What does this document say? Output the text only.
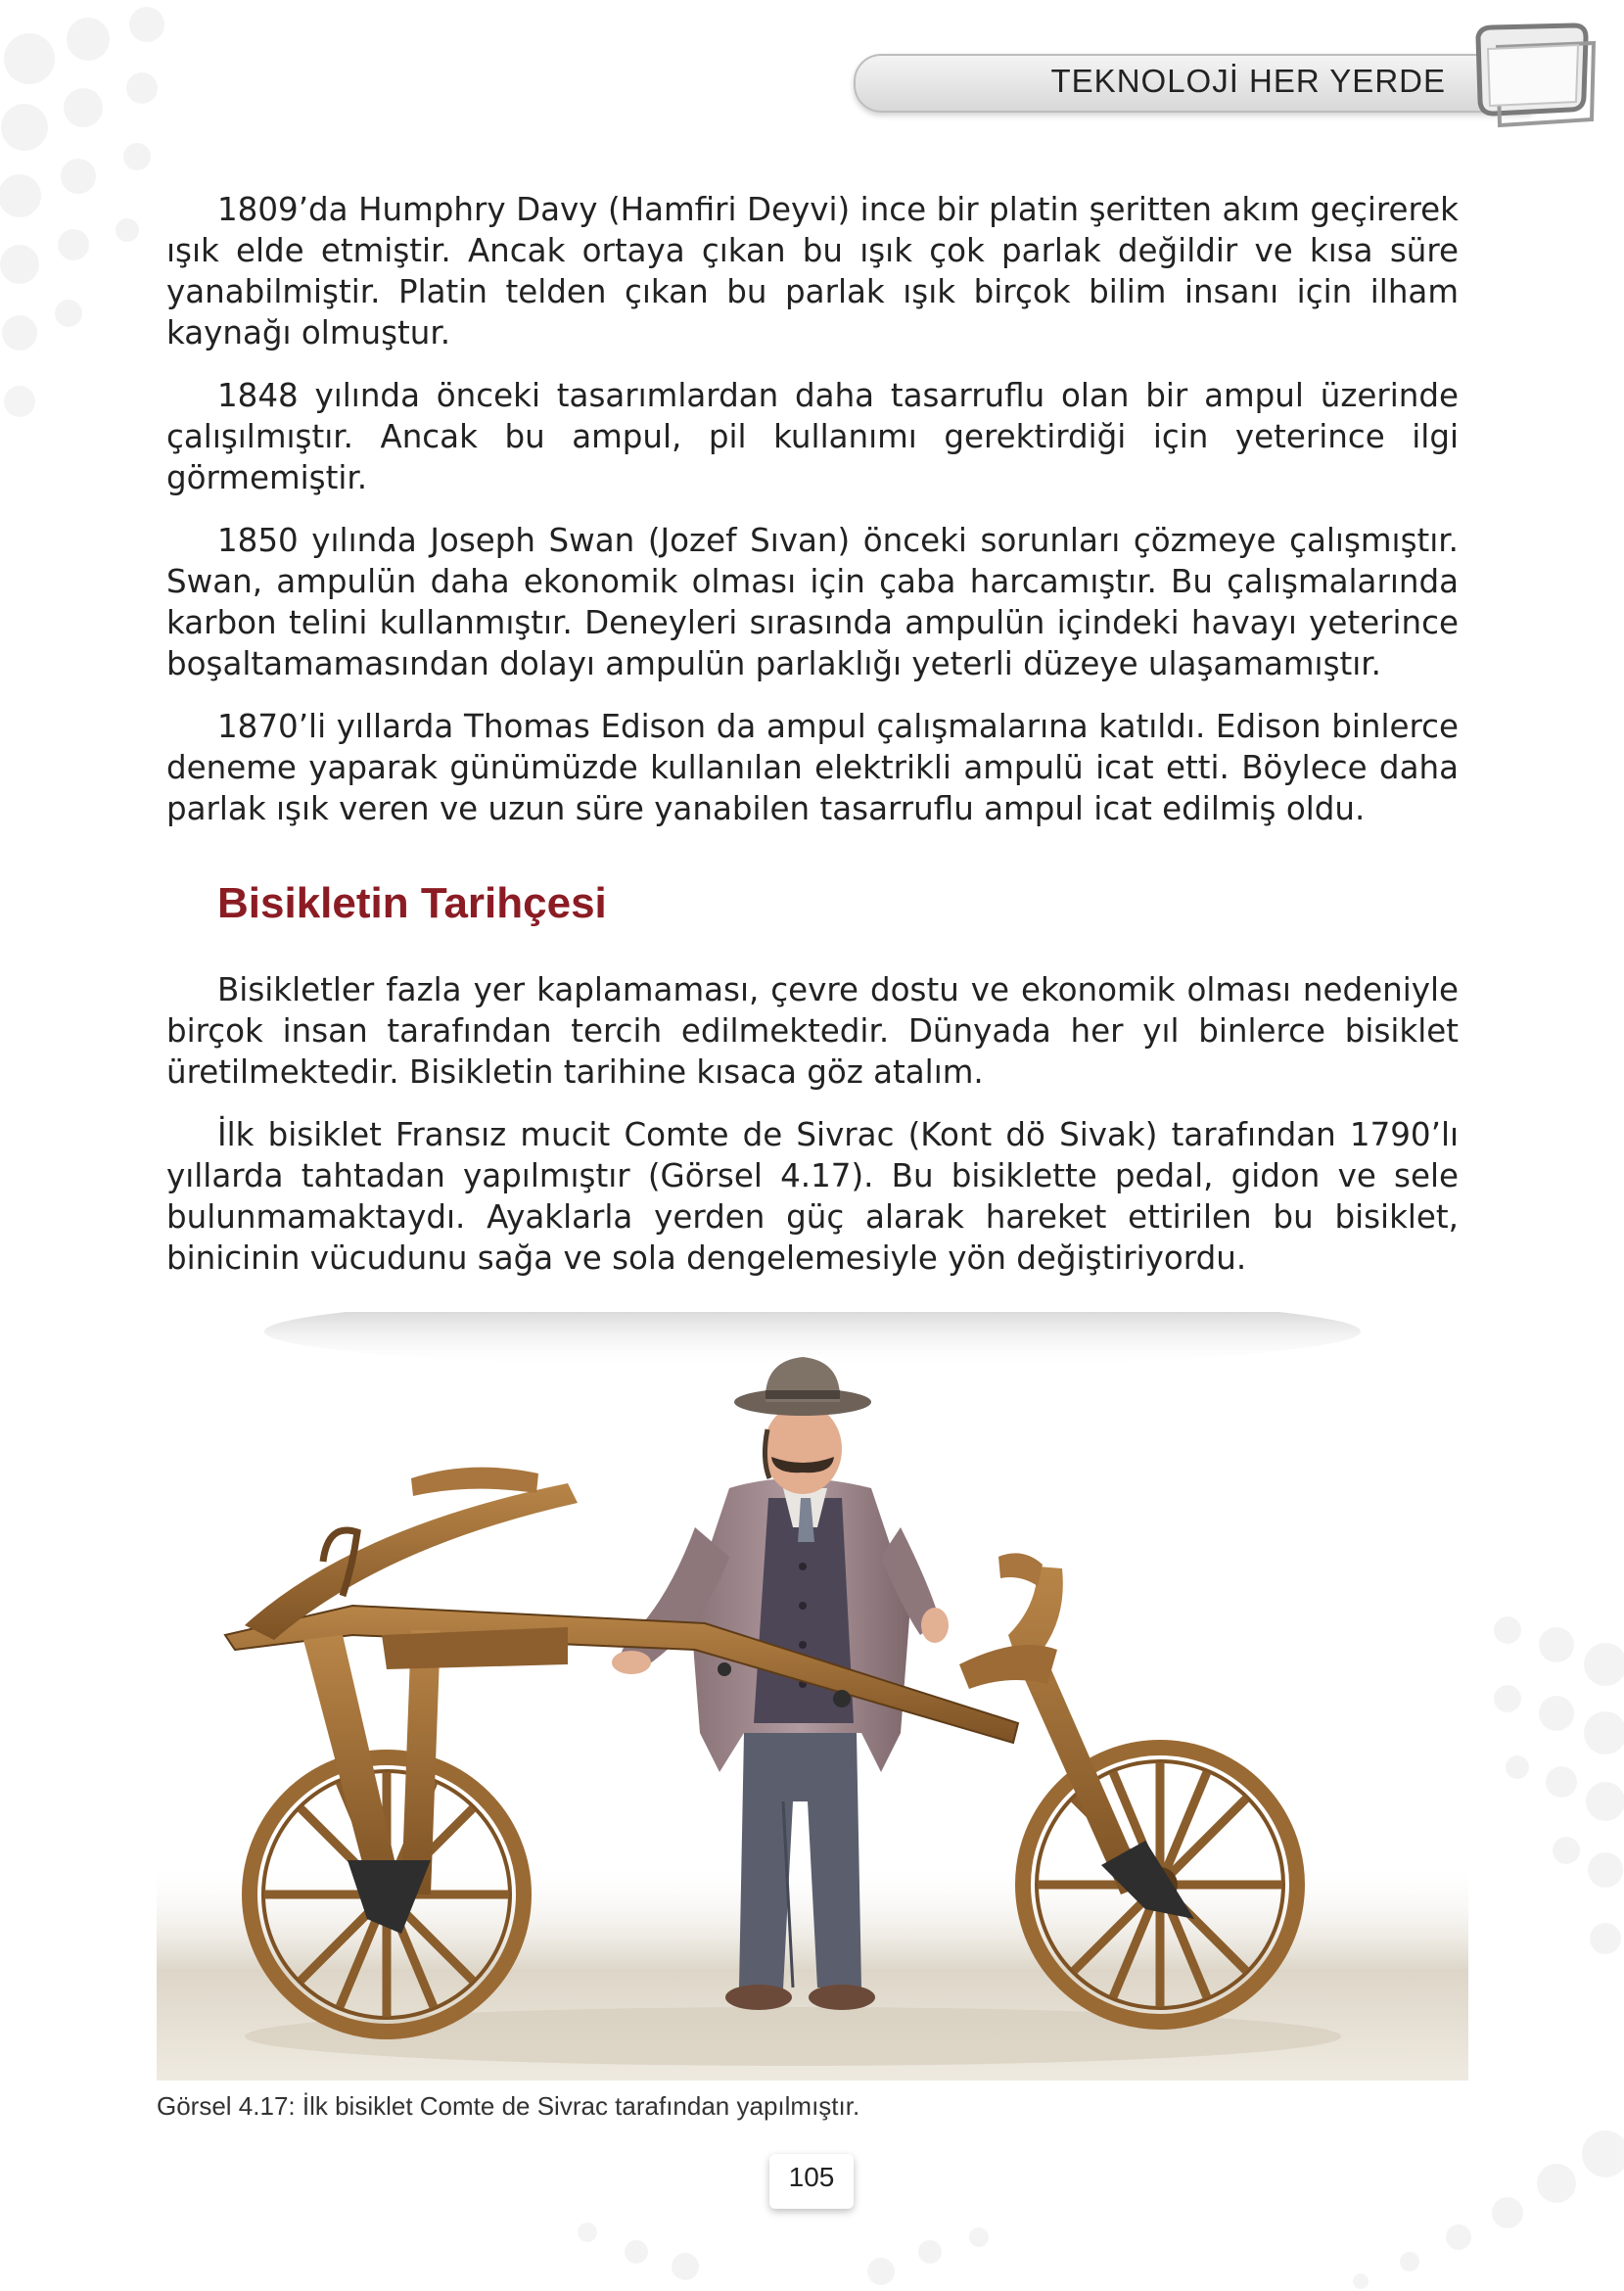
TEKNOLOJİ HER YERDE

1809’da Humphry Davy (Hamfiri Deyvi) ince bir platin şeritten akım geçirerek ışık elde etmiştir. Ancak ortaya çıkan bu ışık çok parlak değildir ve kısa süre yanabilmiştir. Platin telden çıkan bu parlak ışık birçok bilim insanı için ilham kaynağı olmuştur.

1848 yılında önceki tasarımlardan daha tasarruflu olan bir ampul üzerinde çalışılmıştır. Ancak bu ampul, pil kullanımı gerektirdiği için yeterince ilgi görmemiştir.

1850 yılında Joseph Swan (Jozef Sıvan) önceki sorunları çözmeye çalışmıştır. Swan, ampulün daha ekonomik olması için çaba harcamıştır. Bu çalışmalarında karbon telini kullanmıştır. Deneyleri sırasında ampulün içindeki havayı yeterince boşaltamamasından dolayı ampulün parlaklığı yeterli düzeye ulaşamamıştır.

1870’li yıllarda Thomas Edison da ampul çalışmalarına katıldı. Edison binlerce deneme yaparak günümüzde kullanılan elektrikli ampulü icat etti. Böylece daha parlak ışık veren ve uzun süre yanabilen tasarruflu ampul icat edilmiş oldu.

Bisikletin Tarihçesi

Bisikletler fazla yer kaplamaması, çevre dostu ve ekonomik olması nedeniyle birçok insan tarafından tercih edilmektedir. Dünyada her yıl binlerce bisiklet üretilmektedir. Bisikletin tarihine kısaca göz atalım.

İlk bisiklet Fransız mucit Comte de Sivrac (Kont dö Sivak) tarafından 1790’lı yıllarda tahtadan yapılmıştır (Görsel 4.17). Bu bisiklette pedal, gidon ve sele bulunmamaktaydı. Ayaklarla yerden güç alarak hareket ettirilen bu bisiklet, binicinin vücudunu sağa ve sola dengelemesiyle yön değiştiriyordu.

Görsel 4.17: İlk bisiklet Comte de Sivrac tarafından yapılmıştır.
105
